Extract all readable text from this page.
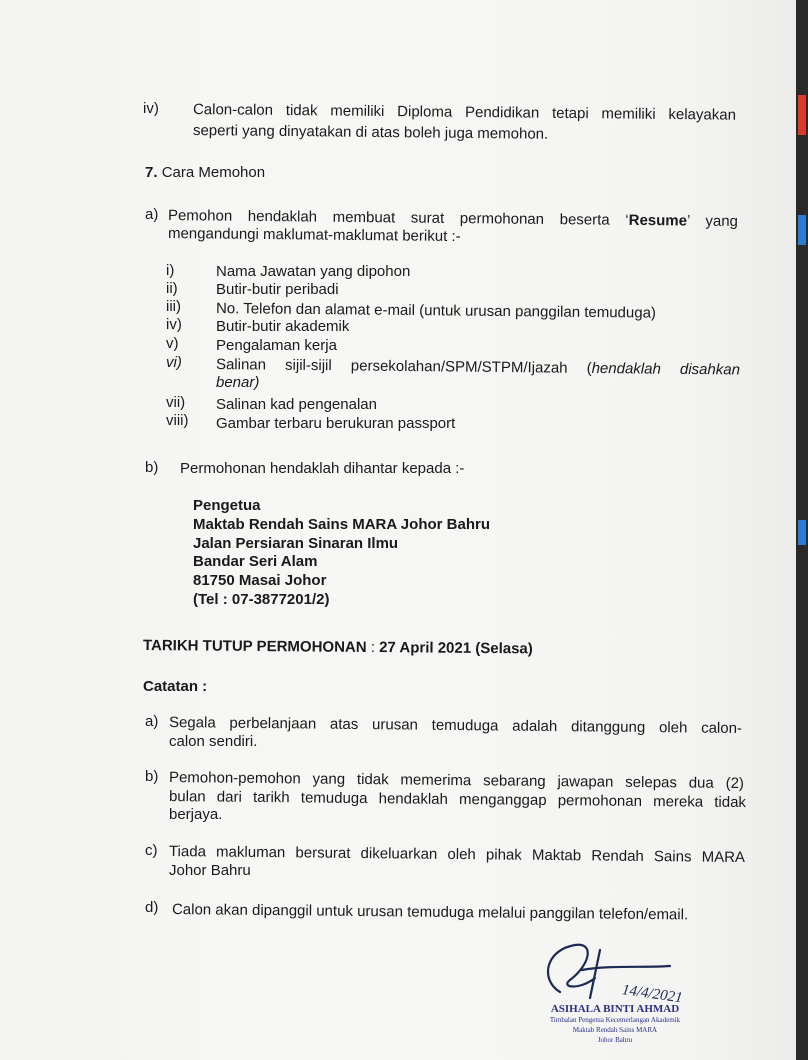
iv) Calon-calon tidak memiliki Diploma Pendidikan tetapi memiliki kelayakan
seperti yang dinyatakan di atas boleh juga memohon.
7. Cara Memohon
a) Pemohon hendaklah membuat surat permohonan beserta ‘Resume’ yang
mengandungi maklumat-maklumat berikut :-
i)	Nama Jawatan yang dipohon
ii)	Butir-butir peribadi
iii) No. Telefon dan alamat e-mail (untuk urusan panggilan temuduga)
iv) Butir-butir akademik
v)	Pengalaman kerja
vi) Salinan sijil-sijil persekolahan/SPM/STPM/Ijazah (hendaklah disahkan
benar)
vii) Salinan kad pengenalan
viii) Gambar terbaru berukuran passport
b) Permohonan hendaklah dihantar kepada :-
Pengetua
Maktab Rendah Sains MARA Johor Bahru
Jalan Persiaran Sinaran Ilmu
Bandar Seri Alam
81750 Masai Johor
(Tel : 07-3877201/2)
TARIKH TUTUP PERMOHONAN : 27 April 2021 (Selasa)
Catatan :
a) Segala perbelanjaan atas urusan temuduga adalah ditanggung oleh calon-
calon sendiri.
b) Pemohon-pemohon yang tidak memerima sebarang jawapan selepas dua (2)
bulan dari tarikh temuduga hendaklah menganggap permohonan mereka tidak
berjaya.
c) Tiada makluman bersurat dikeluarkan oleh pihak Maktab Rendah Sains MARA
Johor Bahru
d) Calon akan dipanggil untuk urusan temuduga melalui panggilan telefon/email.
14/4/2021
ASIHALA BINTI AHMAD
Timbalan Pengetua Kecemerlangan Akademik
Maktab Rendah Sains MARA
Johor Bahru
